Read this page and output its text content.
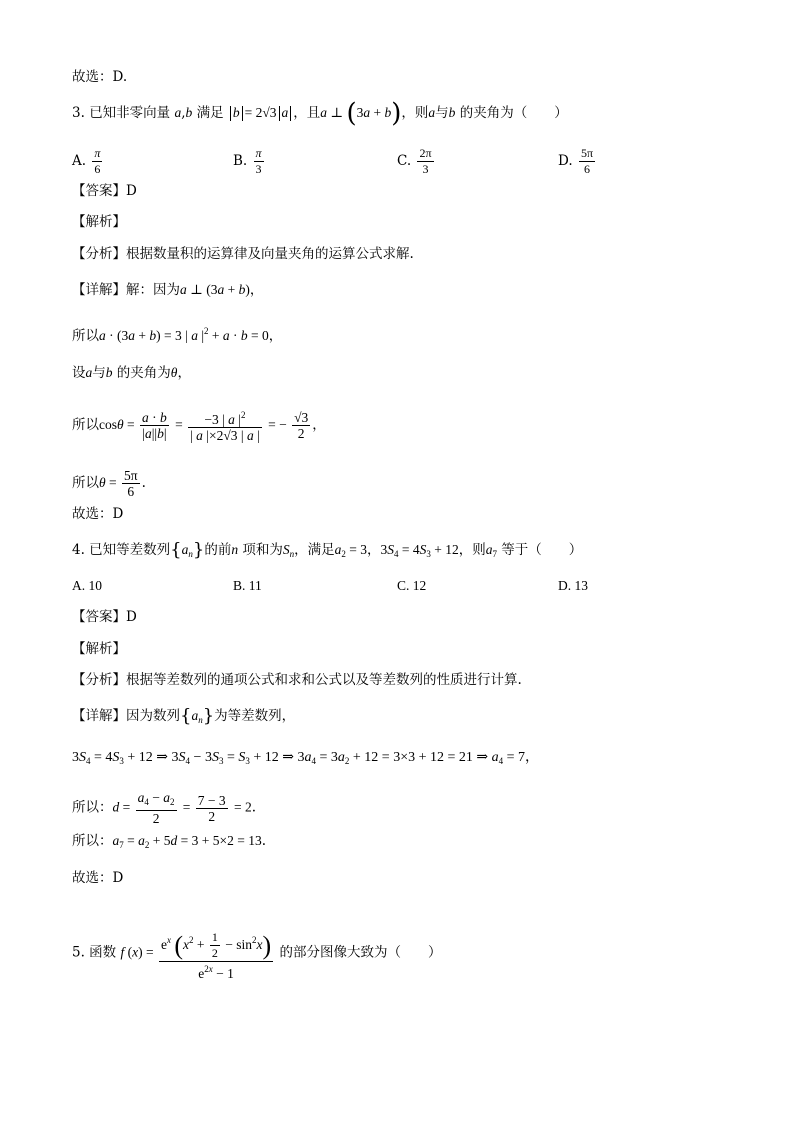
故选：D.
3. 已知非零向量 a,b 满足 b = 2√3 a ，且a ⊥ (3a + b)，则a与b 的夹角为（　　）
A. $\frac{\pi}{6}$	B. $\frac{\pi}{3}$	C. $\frac{2\pi}{3}$	D. $\frac{5\pi}{6}$
【答案】D
【解析】
【分析】根据数量积的运算律及向量夹角的运算公式求解.
【详解】解：因为a ⊥ (3a + b)，
所以a · (3a + b) = 3 | a $|^2 + a \cdot b = 0$，
设a与b 的夹角为θ，
所以$\cos\theta = \frac{a \cdot b}{|a||b|} = \frac{-3 | a |^2}{| a |\times 2√3 | a |}$ = − $\frac{√3}{2}$ ，
所以$\theta = \frac{5\pi}{6}$ .
故选：D
4. 已知等差数列$\{a_n\}$的前n 项和为$S_n$，满足$a_2 = 3$，$3S_4 = 4S_3 + 12$，则$a_7$ 等于（　　）
A. 10	B. 11	C. 12	D. 13
【答案】D
【解析】
【分析】根据等差数列的通项公式和求和公式以及等差数列的性质进行计算.
【详解】因为数列$\{a_n\}$为等差数列，
$3S_4 = 4S_3 + 12$ ⇒ $3S_4 - 3S_3 = S_3 + 12$ ⇒ $3a_4 = 3a_2 + 12 = 3\times 3 + 12 = 21$ ⇒ $a_4 = 7$，
所以：$d = \frac{a_4 - a_2}{2} = \frac{7 - 3}{2} = 2$.
所以：$a_7 = a_2 + 5d = 3 + 5\times 2 = 13$.
故选：D
5. 函数 f $(x) = \frac{e^x (x^2 + \frac{1}{2} - \sin^2x)}{e^{2x} - 1}$ 的部分图像大致为（　　）
